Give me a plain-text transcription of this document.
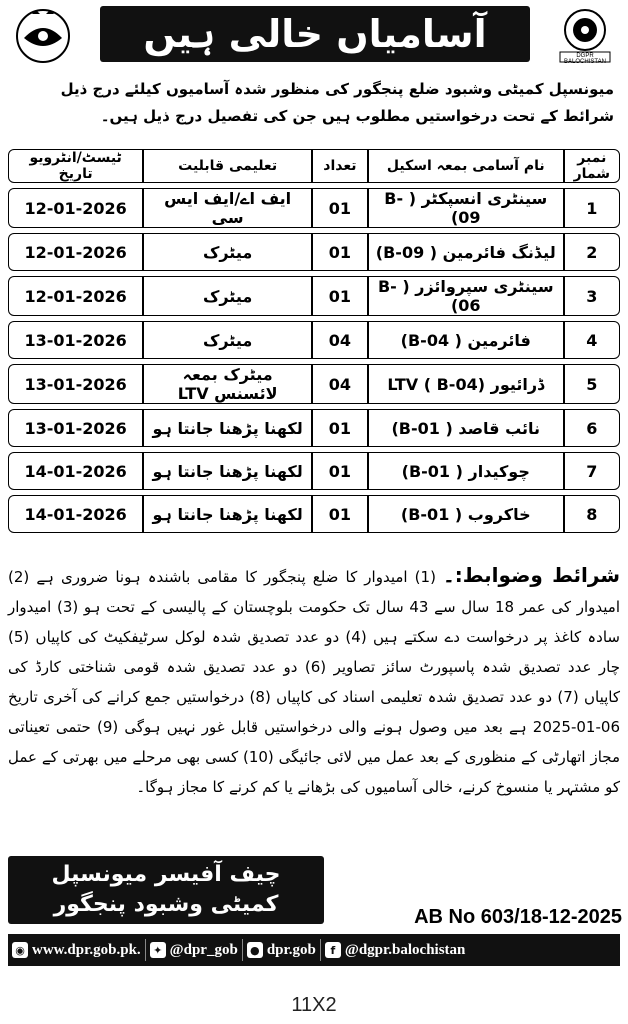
آسامیاں خالی ہیں	DGPR BALOCHISTAN
میونسپل کمیٹی وشبود ضلع پنجگور کی منظور شدہ آسامیوں کیلئے درج ذیل شرائط کے تحت درخواستیں مطلوب ہیں جن کی تفصیل درج ذیل ہیں۔
نمبر شمار	نام آسامی بمعہ اسکیل	تعداد	تعلیمی قابلیت	ٹیسٹ/انٹرویو تاریخ
1	سینٹری انسپکٹر ( B-09)	01	ایف اے/ایف ایس سی	12-01-2026
2	لیڈنگ فائرمین ( B-09)	01	میٹرک	12-01-2026
3	سینٹری سپروائزر ( B-06)	01	میٹرک	12-01-2026
4	فائرمین ( B-04)	04	میٹرک	13-01-2026
5	ڈرائیور LTV ( B-04)	04	میٹرک بمعہ لائسنس LTV	13-01-2026
6	نائب قاصد ( B-01)	01	لکھنا پڑھنا جانتا ہو	13-01-2026
7	چوکیدار ( B-01)	01	لکھنا پڑھنا جانتا ہو	14-01-2026
8	خاکروب ( B-01)	01	لکھنا پڑھنا جانتا ہو	14-01-2026
شرائط وضوابط:۔ (1) امیدوار کا ضلع پنجگور کا مقامی باشندہ ہونا ضروری ہے (2) امیدوار کی عمر 18 سال سے 43 سال تک حکومت بلوچستان کے پالیسی کے تحت ہو (3) امیدوار سادہ کاغذ پر درخواست دے سکتے ہیں (4) دو عدد تصدیق شدہ لوکل سرٹیفکیٹ کی کاپیاں (5) چار عدد تصدیق شدہ پاسپورٹ سائز تصاویر (6) دو عدد تصدیق شدہ قومی شناختی کارڈ کی کاپیاں (7) دو عدد تصدیق شدہ تعلیمی اسناد کی کاپیاں (8) درخواستیں جمع کرانے کی آخری تاریخ 06-01-2025 ہے بعد میں وصول ہونے والی درخواستیں قابل غور نہیں ہوگی (9) حتمی تعیناتی مجاز اتھارٹی کے منظوری کے بعد عمل میں لائی جائیگی (10) کسی بھی مرحلے میں بھرتی کے عمل کو مشتہر یا منسوخ کرنے، خالی آسامیوں کی بڑھانے یا کم کرنے کا مجاز ہوگا۔
چیف آفیسر میونسپل
کمیٹی وشبود پنجگور	AB No 603/18-12-2025
◉ www.dpr.gob.pk.	✦ @dpr_gob ● dpr.gob	f @dgpr.balochistan
11X2
